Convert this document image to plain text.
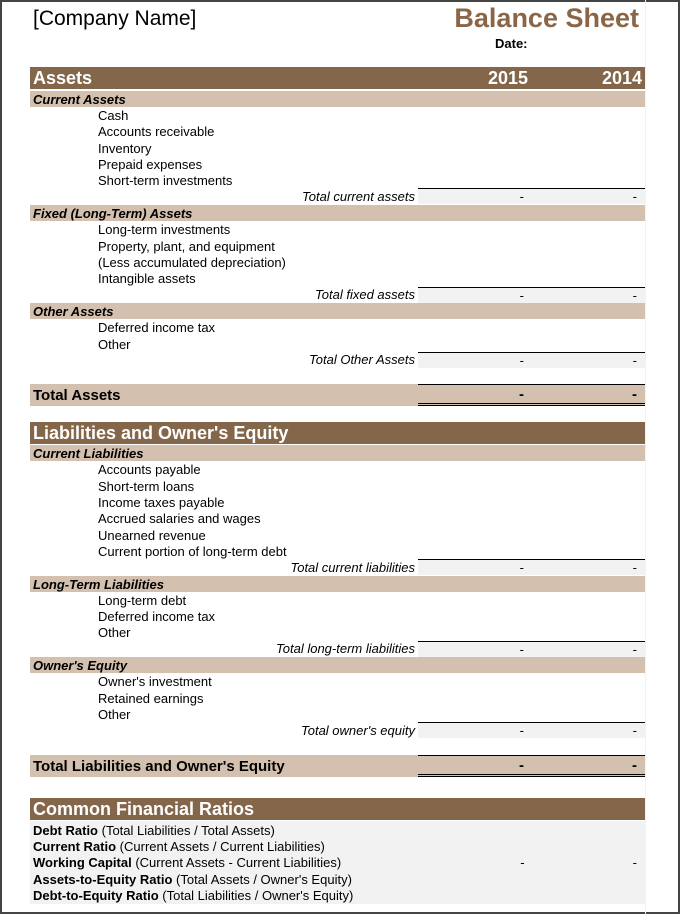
[Company Name]	Balance Sheet
Date:
Assets	2015	2014
Current Assets
Cash
Accounts receivable
Inventory
Prepaid expenses
Short-term investments
Total current assets	-	-
Fixed (Long-Term) Assets
Long-term investments
Property, plant, and equipment
(Less accumulated depreciation)
Intangible assets
Total fixed assets	-	-
Other Assets
Deferred income tax
Other
Total Other Assets	-	-
Total Assets	-	-
Liabilities and Owner's Equity
Current Liabilities
Accounts payable
Short-term loans
Income taxes payable
Accrued salaries and wages
Unearned revenue
Current portion of long-term debt
Total current liabilities	-	-
Long-Term Liabilities
Long-term debt
Deferred income tax
Other
Total long-term liabilities	-	-
Owner's Equity
Owner's investment
Retained earnings
Other
Total owner's equity	-	-
Total Liabilities and Owner's Equity	-	-
Common Financial Ratios
Debt Ratio (Total Liabilities / Total Assets)
Current Ratio (Current Assets / Current Liabilities)
Working Capital (Current Assets - Current Liabilities)	-	-
Assets-to-Equity Ratio (Total Assets / Owner's Equity)
Debt-to-Equity Ratio (Total Liabilities / Owner's Equity)
